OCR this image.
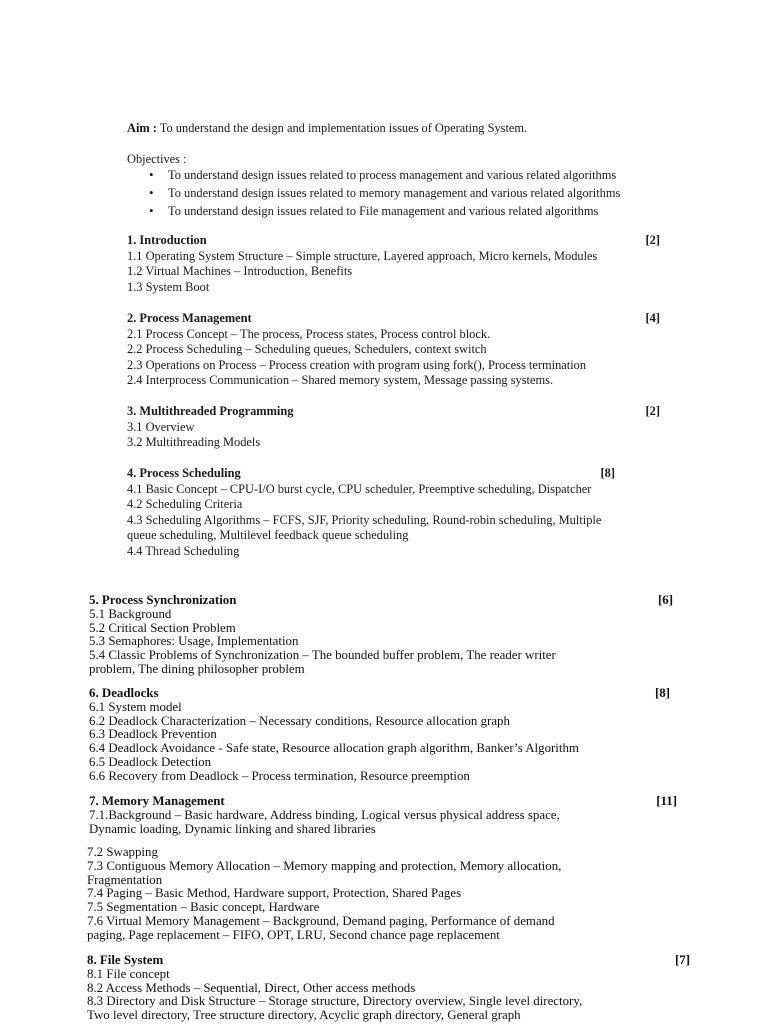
Aim : To understand the design and implementation issues of Operating System.
Objectives :
• To understand design issues related to process management and various related algorithms
• To understand design issues related to memory management and various related algorithms
• To understand design issues related to File management and various related algorithms
1. Introduction	[2]
1.1 Operating System Structure – Simple structure, Layered approach, Micro kernels, Modules
1.2 Virtual Machines – Introduction, Benefits
1.3 System Boot
2. Process Management	[4]
2.1 Process Concept – The process, Process states, Process control block.
2.2 Process Scheduling – Scheduling queues, Schedulers, context switch
2.3 Operations on Process – Process creation with program using fork(), Process termination
2.4 Interprocess Communication – Shared memory system, Message passing systems.
3. Multithreaded Programming	[2]
3.1 Overview
3.2 Multithreading Models
4. Process Scheduling	[8]
4.1 Basic Concept – CPU-I/O burst cycle, CPU scheduler, Preemptive scheduling, Dispatcher
4.2 Scheduling Criteria
4.3 Scheduling Algorithms – FCFS, SJF, Priority scheduling, Round-robin scheduling, Multiple
queue scheduling, Multilevel feedback queue scheduling
4.4 Thread Scheduling
5. Process Synchronization	[6]
5.1 Background
5.2 Critical Section Problem
5.3 Semaphores: Usage, Implementation
5.4 Classic Problems of Synchronization – The bounded buffer problem, The reader writer
problem, The dining philosopher problem
6. Deadlocks	[8]
6.1 System model
6.2 Deadlock Characterization – Necessary conditions, Resource allocation graph
6.3 Deadlock Prevention
6.4 Deadlock Avoidance - Safe state, Resource allocation graph algorithm, Banker’s Algorithm
6.5 Deadlock Detection
6.6 Recovery from Deadlock – Process termination, Resource preemption
7. Memory Management	[11]
7.1.Background – Basic hardware, Address binding, Logical versus physical address space,
Dynamic loading, Dynamic linking and shared libraries
7.2 Swapping
7.3 Contiguous Memory Allocation – Memory mapping and protection, Memory allocation,
Fragmentation
7.4 Paging – Basic Method, Hardware support, Protection, Shared Pages
7.5 Segmentation – Basic concept, Hardware
7.6 Virtual Memory Management – Background, Demand paging, Performance of demand
paging, Page replacement – FIFO, OPT, LRU, Second chance page replacement
8. File System	[7]
8.1 File concept
8.2 Access Methods – Sequential, Direct, Other access methods
8.3 Directory and Disk Structure – Storage structure, Directory overview, Single level directory,
Two level directory, Tree structure directory, Acyclic graph directory, General graph
